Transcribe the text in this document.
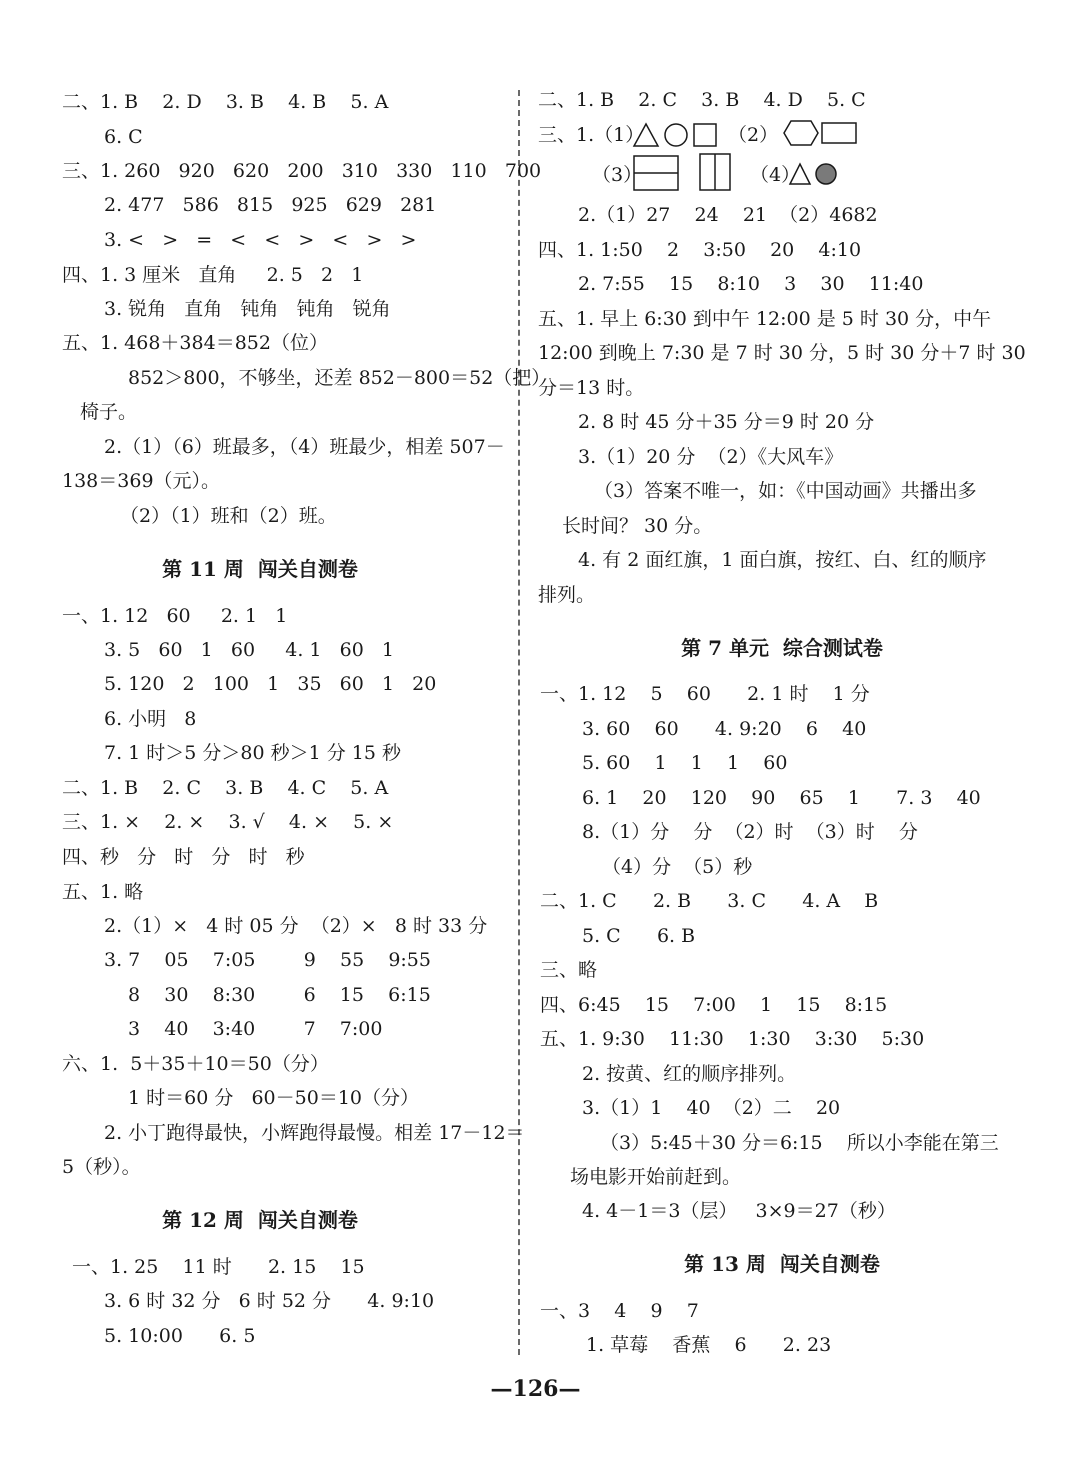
二、1. B    2. D    3. B    4. B    5. A
6. C
三、1. 260   920   620   200   310   330   110   700
2. 477   586   815   925   629   281
3. <   >   =   <   <   >   <   >   >
四、1. 3 厘米   直角     2. 5   2   1
3. 锐角   直角   钝角   钝角   锐角
五、1. 468＋384＝852（位）
852＞800，不够坐，还差 852－800＝52（把）
椅子。
2.（1）（6）班最多，（4）班最少，相差 507－
138＝369（元）。
（2）（1）班和（2）班。
第 11 周  闯关自测卷
一、1. 12   60     2. 1   1
3. 5   60   1   60     4. 1   60   1
5. 120   2   100   1   35   60   1   20
6. 小明   8
7. 1 时＞5 分＞80 秒＞1 分 15 秒
二、1. B    2. C    3. B    4. C    5. A
三、1. ×    2. ×    3. √    4. ×    5. ×
四、秒   分   时   分   时   秒
五、1. 略
2.（1）×   4 时 05 分  （2）×   8 时 33 分
3. 7    05    7:05        9    55    9:55
8    30    8:30        6    15    6:15
3    40    3:40        7    7:00
六、1.  5＋35＋10＝50（分）
1 时＝60 分   60－50＝10（分）
2. 小丁跑得最快，小辉跑得最慢。相差 17－12＝
5（秒）。
第 12 周  闯关自测卷
一、1. 25    11 时      2. 15    15
3. 6 时 32 分   6 时 52 分      4. 9:10
5. 10:00      6. 5
二、1. B    2. C    3. B    4. D    5. C
三、1.（1）	（2）
（3）	（4）
2.（1）27    24    21  （2）4682
四、1. 1:50    2    3:50    20    4:10
2. 7:55    15    8:10    3    30    11:40
五、1. 早上 6:30 到中午 12:00 是 5 时 30 分，中午
12:00 到晚上 7:30 是 7 时 30 分，5 时 30 分＋7 时 30
分＝13 时。
2. 8 时 45 分＋35 分＝9 时 20 分
3.（1）20 分  （2）《大风车》
（3）答案不唯一，如：《中国动画》共播出多
长时间？ 30 分。
4. 有 2 面红旗，1 面白旗，按红、白、红的顺序
排列。
第 7 单元  综合测试卷
一、1. 12    5    60      2. 1 时    1 分
3. 60    60      4. 9:20    6    40
5. 60    1    1    1    60
6. 1    20    120    90    65    1      7. 3    40
8.（1）分    分  （2）时  （3）时    分
（4）分  （5）秒
二、1. C      2. B      3. C      4. A    B
5. C      6. B
三、略
四、6:45    15    7:00    1    15    8:15
五、1. 9:30    11:30    1:30    3:30    5:30
2. 按黄、红的顺序排列。
3.（1）1    40  （2）二    20
（3）5:45＋30 分＝6:15    所以小李能在第三
场电影开始前赶到。
4. 4－1＝3（层）   3×9＝27（秒）
第 13 周  闯关自测卷
一、3    4    9    7
1. 草莓    香蕉    6      2. 23
—126—
